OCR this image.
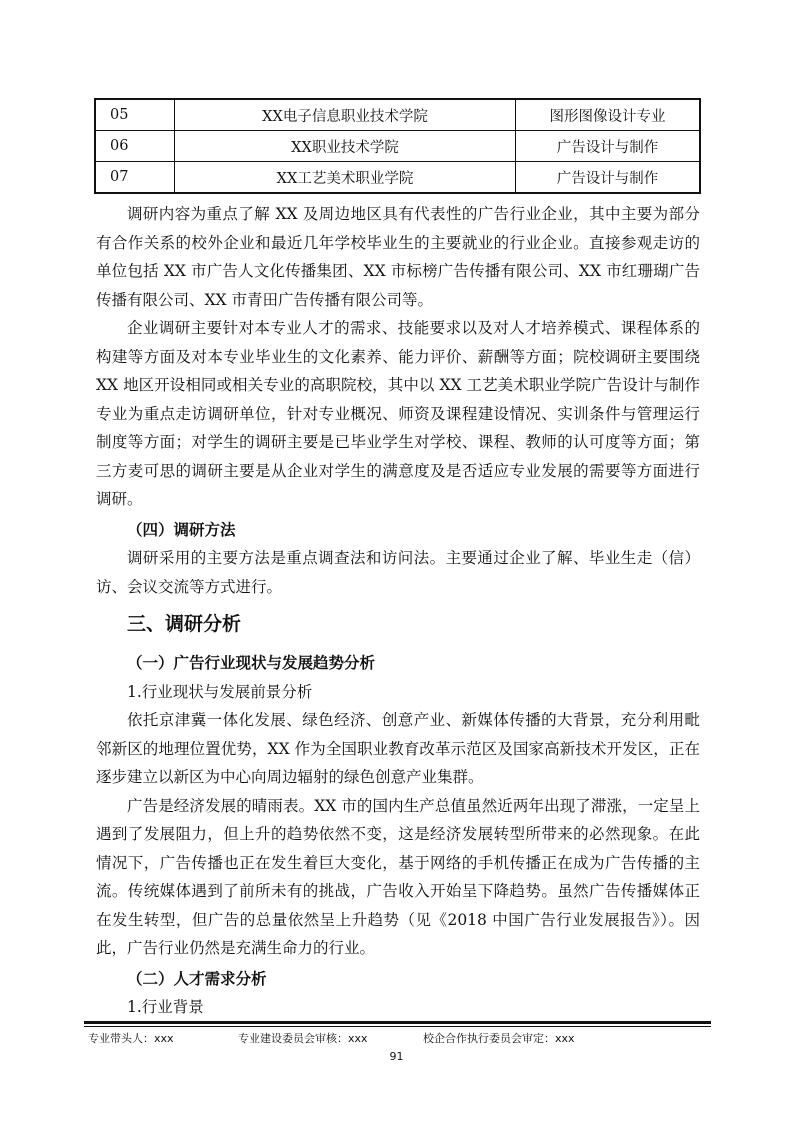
05	XX电子信息职业技术学院	图形图像设计专业
06	XX职业技术学院	广告设计与制作
07	XX工艺美术职业学院	广告设计与制作

调研内容为重点了解 XX 及周边地区具有代表性的广告行业企业，其中主要为部分有合作关系的校外企业和最近几年学校毕业生的主要就业的行业企业。直接参观走访的单位包括 XX 市广告人文化传播集团、XX 市标榜广告传播有限公司、XX 市红珊瑚广告传播有限公司、XX 市青田广告传播有限公司等。

企业调研主要针对本专业人才的需求、技能要求以及对人才培养模式、课程体系的构建等方面及对本专业毕业生的文化素养、能力评价、薪酬等方面；院校调研主要围绕 XX 地区开设相同或相关专业的高职院校，其中以 XX 工艺美术职业学院广告设计与制作专业为重点走访调研单位，针对专业概况、师资及课程建设情况、实训条件与管理运行制度等方面；对学生的调研主要是已毕业学生对学校、课程、教师的认可度等方面；第三方麦可思的调研主要是从企业对学生的满意度及是否适应专业发展的需要等方面进行调研。

（四）调研方法

调研采用的主要方法是重点调查法和访问法。主要通过企业了解、毕业生走（信）访、会议交流等方式进行。

三、调研分析

（一）广告行业现状与发展趋势分析

1.行业现状与发展前景分析

依托京津冀一体化发展、绿色经济、创意产业、新媒体传播的大背景，充分利用毗邻新区的地理位置优势，XX 作为全国职业教育改革示范区及国家高新技术开发区，正在逐步建立以新区为中心向周边辐射的绿色创意产业集群。

广告是经济发展的晴雨表。XX 市的国内生产总值虽然近两年出现了滞涨，一定呈上遇到了发展阻力，但上升的趋势依然不变，这是经济发展转型所带来的必然现象。在此情况下，广告传播也正在发生着巨大变化，基于网络的手机传播正在成为广告传播的主流。传统媒体遇到了前所未有的挑战，广告收入开始呈下降趋势。虽然广告传播媒体正在发生转型，但广告的总量依然呈上升趋势（见《2018 中国广告行业发展报告》）。因此，广告行业仍然是充满生命力的行业。

（二）人才需求分析

1.行业背景

专业带头人：xxx	专业建设委员会审核：xxx	校企合作执行委员会审定：xxx
91
